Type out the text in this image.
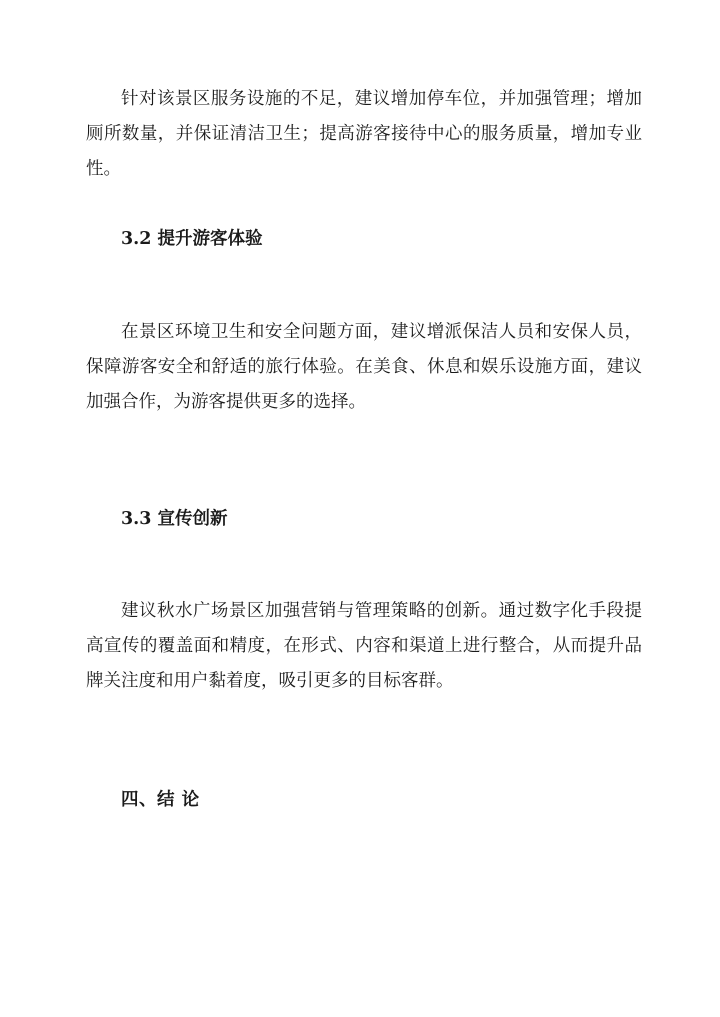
针对该景区服务设施的不足，建议增加停车位，并加强管理；增加厕所数量，并保证清洁卫生；提高游客接待中心的服务质量，增加专业性。

3.2 提升游客体验

在景区环境卫生和安全问题方面，建议增派保洁人员和安保人员，保障游客安全和舒适的旅行体验。在美食、休息和娱乐设施方面，建议加强合作，为游客提供更多的选择。

3.3 宣传创新

建议秋水广场景区加强营销与管理策略的创新。通过数字化手段提高宣传的覆盖面和精度，在形式、内容和渠道上进行整合，从而提升品牌关注度和用户黏着度，吸引更多的目标客群。

四、结 论
